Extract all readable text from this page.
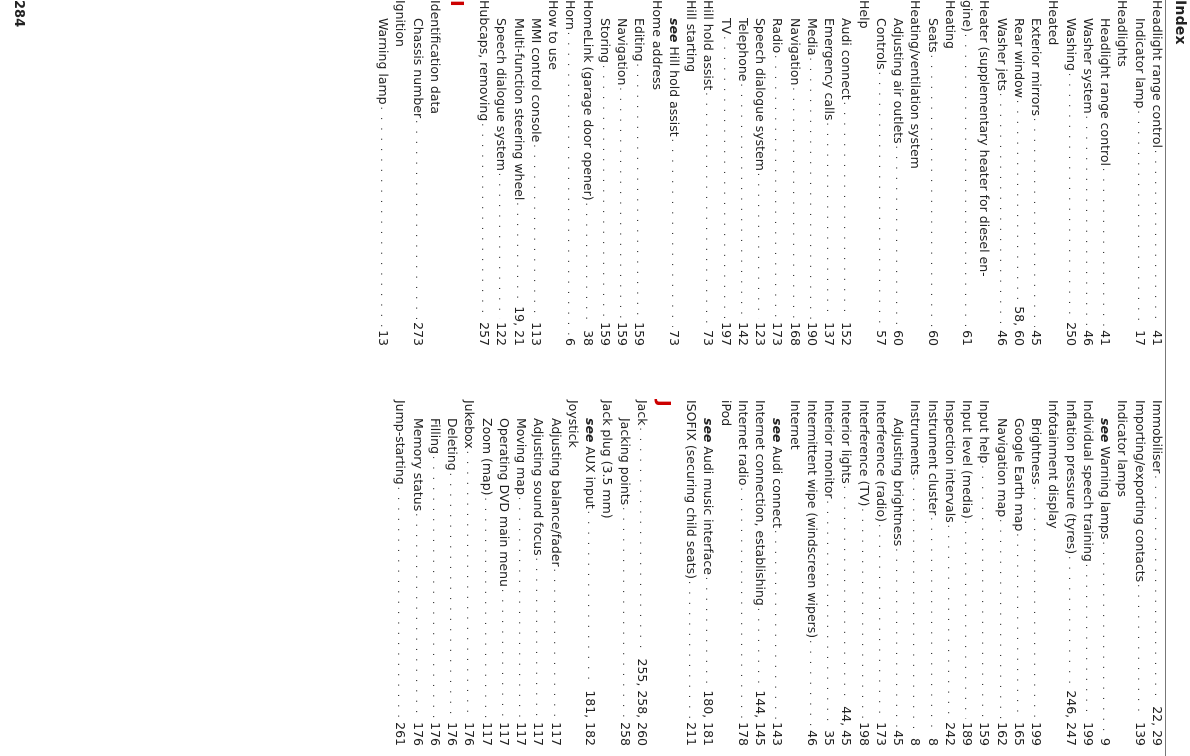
Index
Headlight range control
. . .
41
Indicator lamp
. . .
17
Headlights
Headlight range control
. . .
41
Washer system
. . .
46
Washing
. . .
250
Heated
Exterior mirrors
. . .
45
Rear window
. . .
58, 60
Washer jets
. . .
46
Heater (supplementary heater for diesel en-
gine)
. . .
61
Heating
Seats
. . .
60
Heating/ventilation system
Adjusting air outlets
. . .
60
Controls
. . .
57
Help
Audi connect
. . .
152
Emergency calls
. . .
137
Media
. . .
190
Navigation
. . .
168
Radio
. . .
173
Speech dialogue system
. . .
123
Telephone
. . .
142
TV
. . .
197
Hill hold assist
. . .
73
Hill starting
see Hill hold assist
. . .
73
Home address
Editing
. . .
159
Navigation
. . .
159
Storing
. . .
159
HomeLink (garage door opener)
. . .
38
Horn
. . .
6
How to use
MMI control console
. . .
113
Multi-function steering wheel
. . .
19, 21
Speech dialogue system
. . .
122
Hubcaps, removing
. . .
257
I
Identification data
Chassis number
. . .
273
Ignition
Warning lamp
. . .
13
Immobiliser
. . .
22, 29
Importing/exporting contacts
. . .
139
Indicator lamps
see Warning lamps
. . .
9
Individual speech training
. . .
199
Inflation pressure (tyres)
. . .
246, 247
Infotainment display
Brightness
. . .
199
Google Earth map
. . .
165
Navigation map
. . .
162
Input help
. . .
159
Input level (media)
. . .
189
Inspection intervals
. . .
242
Instrument cluster
. . .
8
Instruments
. . .
8
Adjusting brightness
. . .
45
Interference (radio)
. . .
173
Interference (TV)
. . .
198
Interior lights
. . .
44, 45
Interior monitor
. . .
35
Intermittent wipe (windscreen wipers)
. . .
46
Internet
see Audi connect
. . .
143
Internet connection, establishing
. . .
144, 145
Internet radio
. . .
178
iPod
see Audi music interface
. . .
180, 181
ISOFIX (securing child seats)
. . .
211
J
Jack
. . .
255, 258, 260
Jacking points
. . .
258
Jack plug (3.5 mm)
see AUX input
. . .
181, 182
Joystick
Adjusting balance/fader
. . .
117
Adjusting sound focus
. . .
117
Moving map
. . .
117
Operating DVD main menu
. . .
117
Zoom (map)
. . .
117
Jukebox
. . .
176
Deleting
. . .
176
Filling
. . .
176
Memory status
. . .
176
Jump-starting
. . .
261
284
